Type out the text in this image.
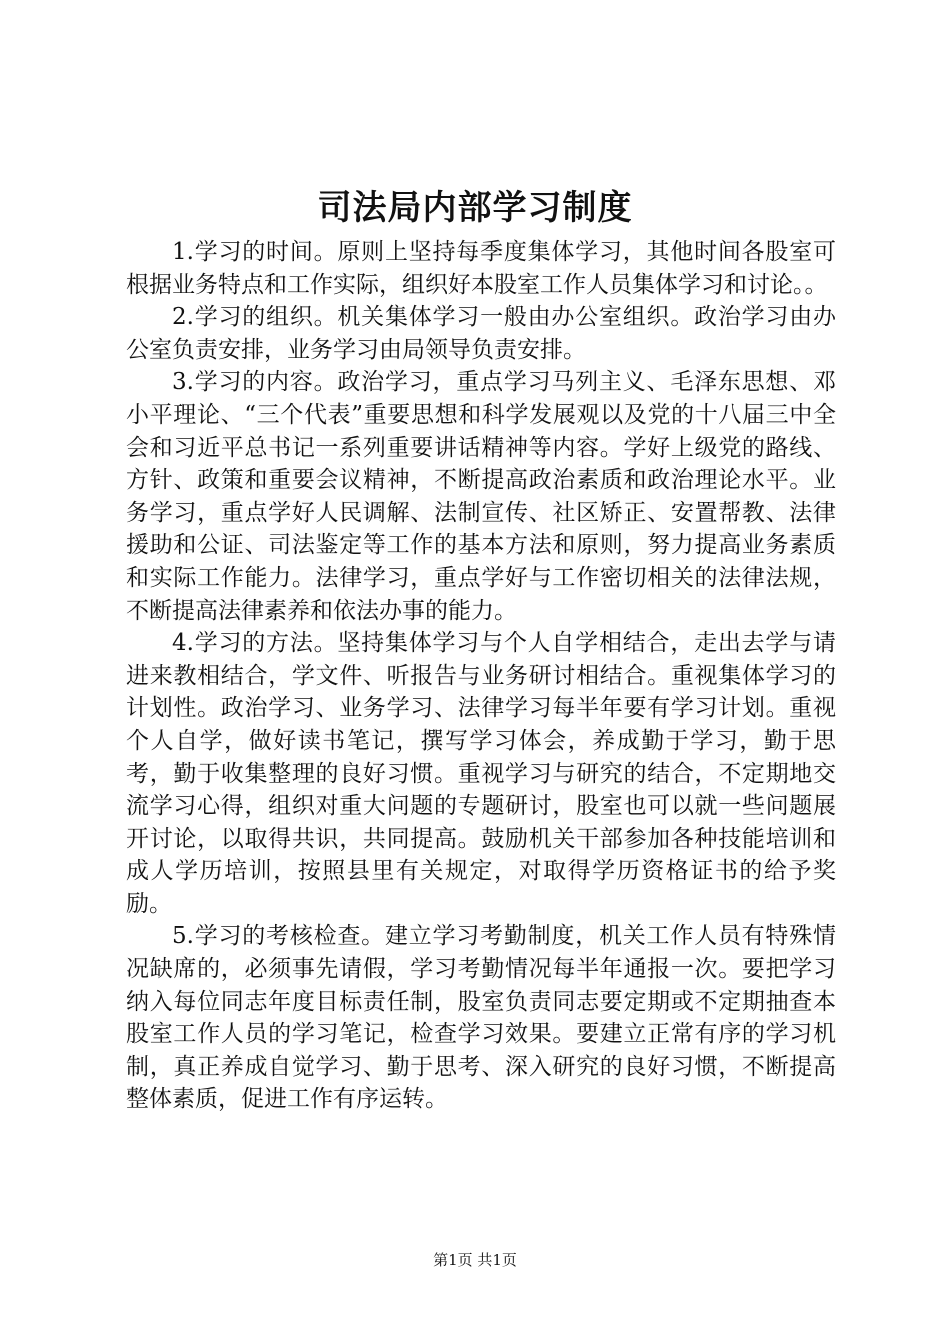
司法局内部学习制度

1.学习的时间。原则上坚持每季度集体学习，其他时间各股室可根据业务特点和工作实际，组织好本股室工作人员集体学习和讨论。。

2.学习的组织。机关集体学习一般由办公室组织。政治学习由办公室负责安排，业务学习由局领导负责安排。

3.学习的内容。政治学习，重点学习马列主义、毛泽东思想、邓小平理论、“三个代表”重要思想和科学发展观以及党的十八届三中全会和习近平总书记一系列重要讲话精神等内容。学好上级党的路线、方针、政策和重要会议精神，不断提高政治素质和政治理论水平。业务学习，重点学好人民调解、法制宣传、社区矫正、安置帮教、法律援助和公证、司法鉴定等工作的基本方法和原则，努力提高业务素质和实际工作能力。法律学习，重点学好与工作密切相关的法律法规，不断提高法律素养和依法办事的能力。

4.学习的方法。坚持集体学习与个人自学相结合，走出去学与请进来教相结合，学文件、听报告与业务研讨相结合。重视集体学习的计划性。政治学习、业务学习、法律学习每半年要有学习计划。重视个人自学，做好读书笔记，撰写学习体会，养成勤于学习，勤于思考，勤于收集整理的良好习惯。重视学习与研究的结合，不定期地交流学习心得，组织对重大问题的专题研讨，股室也可以就一些问题展开讨论，以取得共识，共同提高。鼓励机关干部参加各种技能培训和成人学历培训，按照县里有关规定，对取得学历资格证书的给予奖励。

5.学习的考核检查。建立学习考勤制度，机关工作人员有特殊情况缺席的，必须事先请假，学习考勤情况每半年通报一次。要把学习纳入每位同志年度目标责任制，股室负责同志要定期或不定期抽查本股室工作人员的学习笔记，检查学习效果。要建立正常有序的学习机制，真正养成自觉学习、勤于思考、深入研究的良好习惯，不断提高整体素质，促进工作有序运转。

第1页 共1页
